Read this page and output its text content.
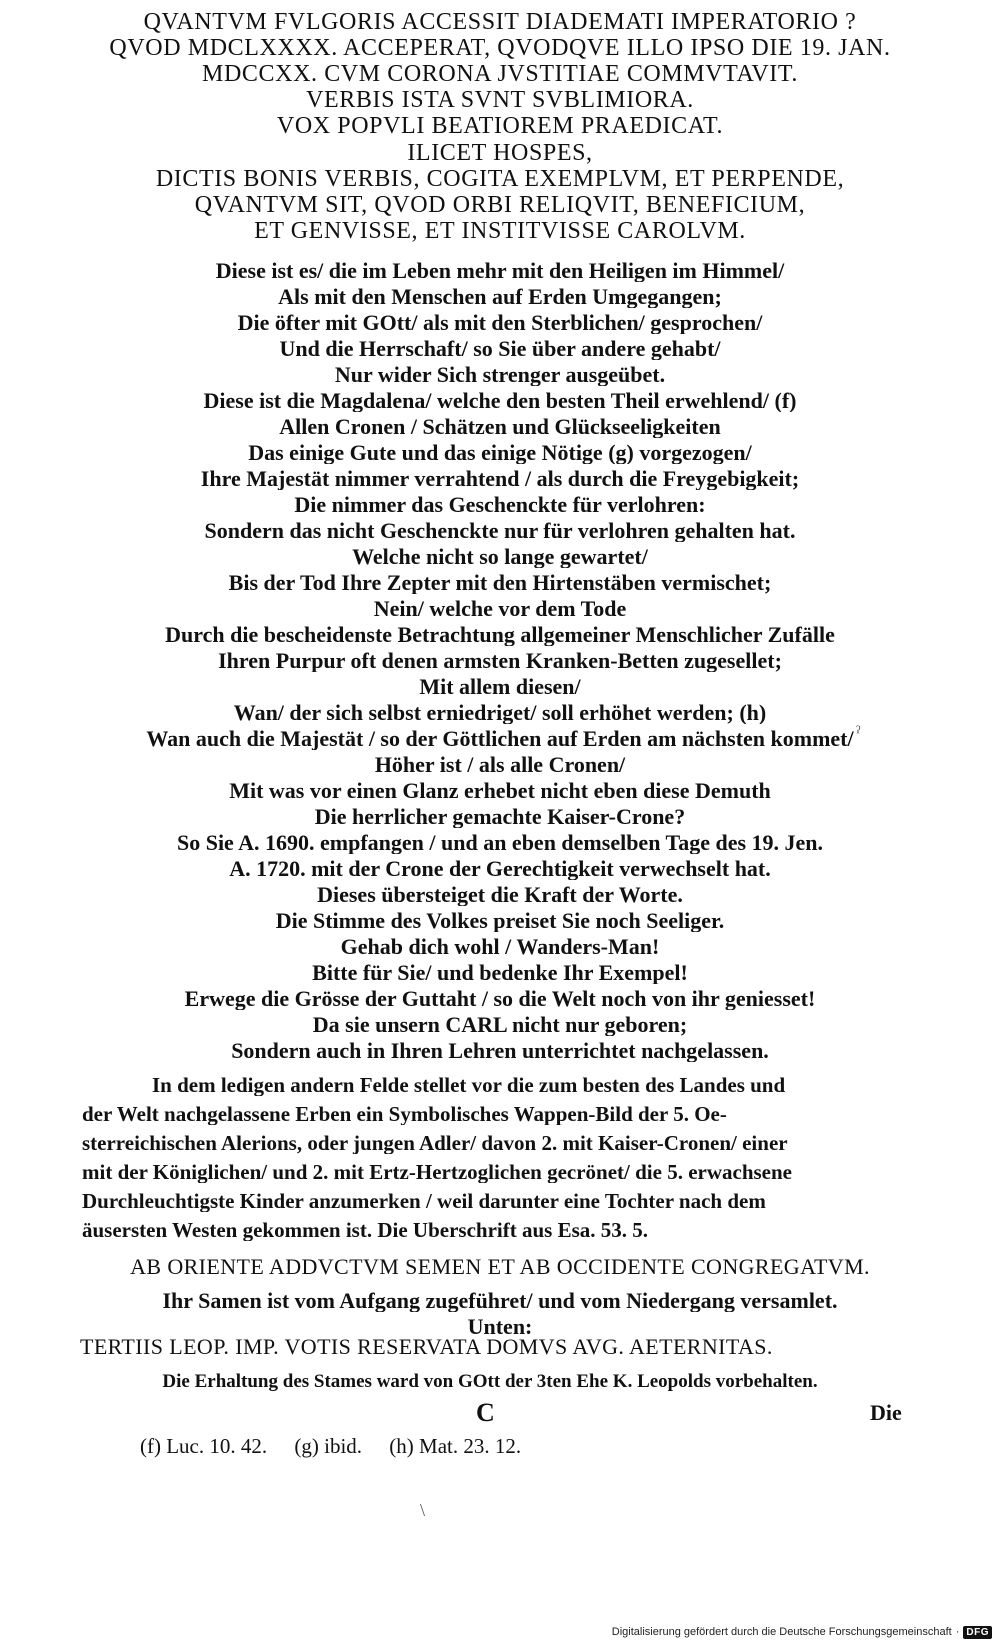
QVANTVM FVLGORIS ACCESSIT DIADEMATI IMPERATORIO ?
QVOD MDCLXXXX. ACCEPERAT, QVODQVE ILLO IPSO DIE 19. JAN.
MDCCXX. CVM CORONA JVSTITIAE COMMVTAVIT.
VERBIS ISTA SVNT SVBLIMIORA.
VOX POPVLI BEATIOREM PRAEDICAT.
ILICET HOSPES,
DICTIS BONIS VERBIS, COGITA EXEMPLVM, ET PERPENDE,
QVANTVM SIT, QVOD ORBI RELIQVIT, BENEFICIUM,
ET GENVISSE, ET INSTITVISSE CAROLVM.
Diese ist es/ die im Leben mehr mit den Heiligen im Himmel/
Als mit den Menschen auf Erden Umgegangen;
Die öfter mit GOtt/ als mit den Sterblichen/ gesprochen/
Und die Herrschaft/ so Sie über andere gehabt/
Nur wider Sich strenger ausgeübet.
Diese ist die Magdalena/ welche den besten Theil erwehlend/ (f)
Allen Cronen / Schätzen und Glückseeligkeiten
Das einige Gute und das einige Nötige (g) vorgezogen/
Ihre Majestät nimmer verrahtend / als durch die Freygebigkeit;
Die nimmer das Geschenckte für verlohren:
Sondern das nicht Geschenckte nur für verlohren gehalten hat.
Welche nicht so lange gewartet/
Bis der Tod Ihre Zepter mit den Hirtenstäben vermischet;
Nein/ welche vor dem Tode
Durch die bescheidenste Betrachtung allgemeiner Menschlicher Zufälle
Ihren Purpur oft denen armsten Kranken-Betten zugesellet;
Mit allem diesen/
Wan/ der sich selbst erniedriget/ soll erhöhet werden; (h)
Wan auch die Majestät / so der Göttlichen auf Erden am nächsten kommet/
Höher ist / als alle Cronen/
Mit was vor einen Glanz erhebet nicht eben diese Demuth
Die herrlicher gemachte Kaiser-Crone?
So Sie A. 1690. empfangen / und an eben demselben Tage des 19. Jen.
A. 1720. mit der Crone der Gerechtigkeit verwechselt hat.
Dieses übersteiget die Kraft der Worte.
Die Stimme des Volkes preiset Sie noch Seeliger.
Gehab dich wohl / Wanders-Man!
Bitte für Sie/ und bedenke Ihr Exempel!
Erwege die Grösse der Guttaht / so die Welt noch von ihr geniesset!
Da sie unsern CARL nicht nur geboren;
Sondern auch in Ihren Lehren unterrichtet nachgelassen.
ˀ
In dem ledigen andern Felde stellet vor die zum besten des Landes und
der Welt nachgelassene Erben ein Symbolisches Wappen-Bild der 5. Oe-
sterreichischen Alerions, oder jungen Adler/ davon 2. mit Kaiser-Cronen/ einer
mit der Königlichen/ und 2. mit Ertz-Hertzoglichen gecrönet/ die 5. erwachsene
Durchleuchtigste Kinder anzumerken / weil darunter eine Tochter nach dem
äusersten Westen gekommen ist. Die Uberschrift aus Esa. 53. 5.
AB ORIENTE ADDVCTVM SEMEN ET AB OCCIDENTE CONGREGATVM.
Ihr Samen ist vom Aufgang zugeführet/ und vom Niedergang versamlet.
Unten:
TERTIIS LEOP. IMP. VOTIS RESERVATA DOMVS AVG. AETERNITAS.
Die Erhaltung des Stames ward von GOtt der 3ten Ehe K. Leopolds vorbehalten.
C	Die
(f) Luc. 10. 42. (g) ibid. (h) Mat. 23. 12.
\
Digitalisierung gefördert durch die Deutsche Forschungsgemeinschaft · DFG
